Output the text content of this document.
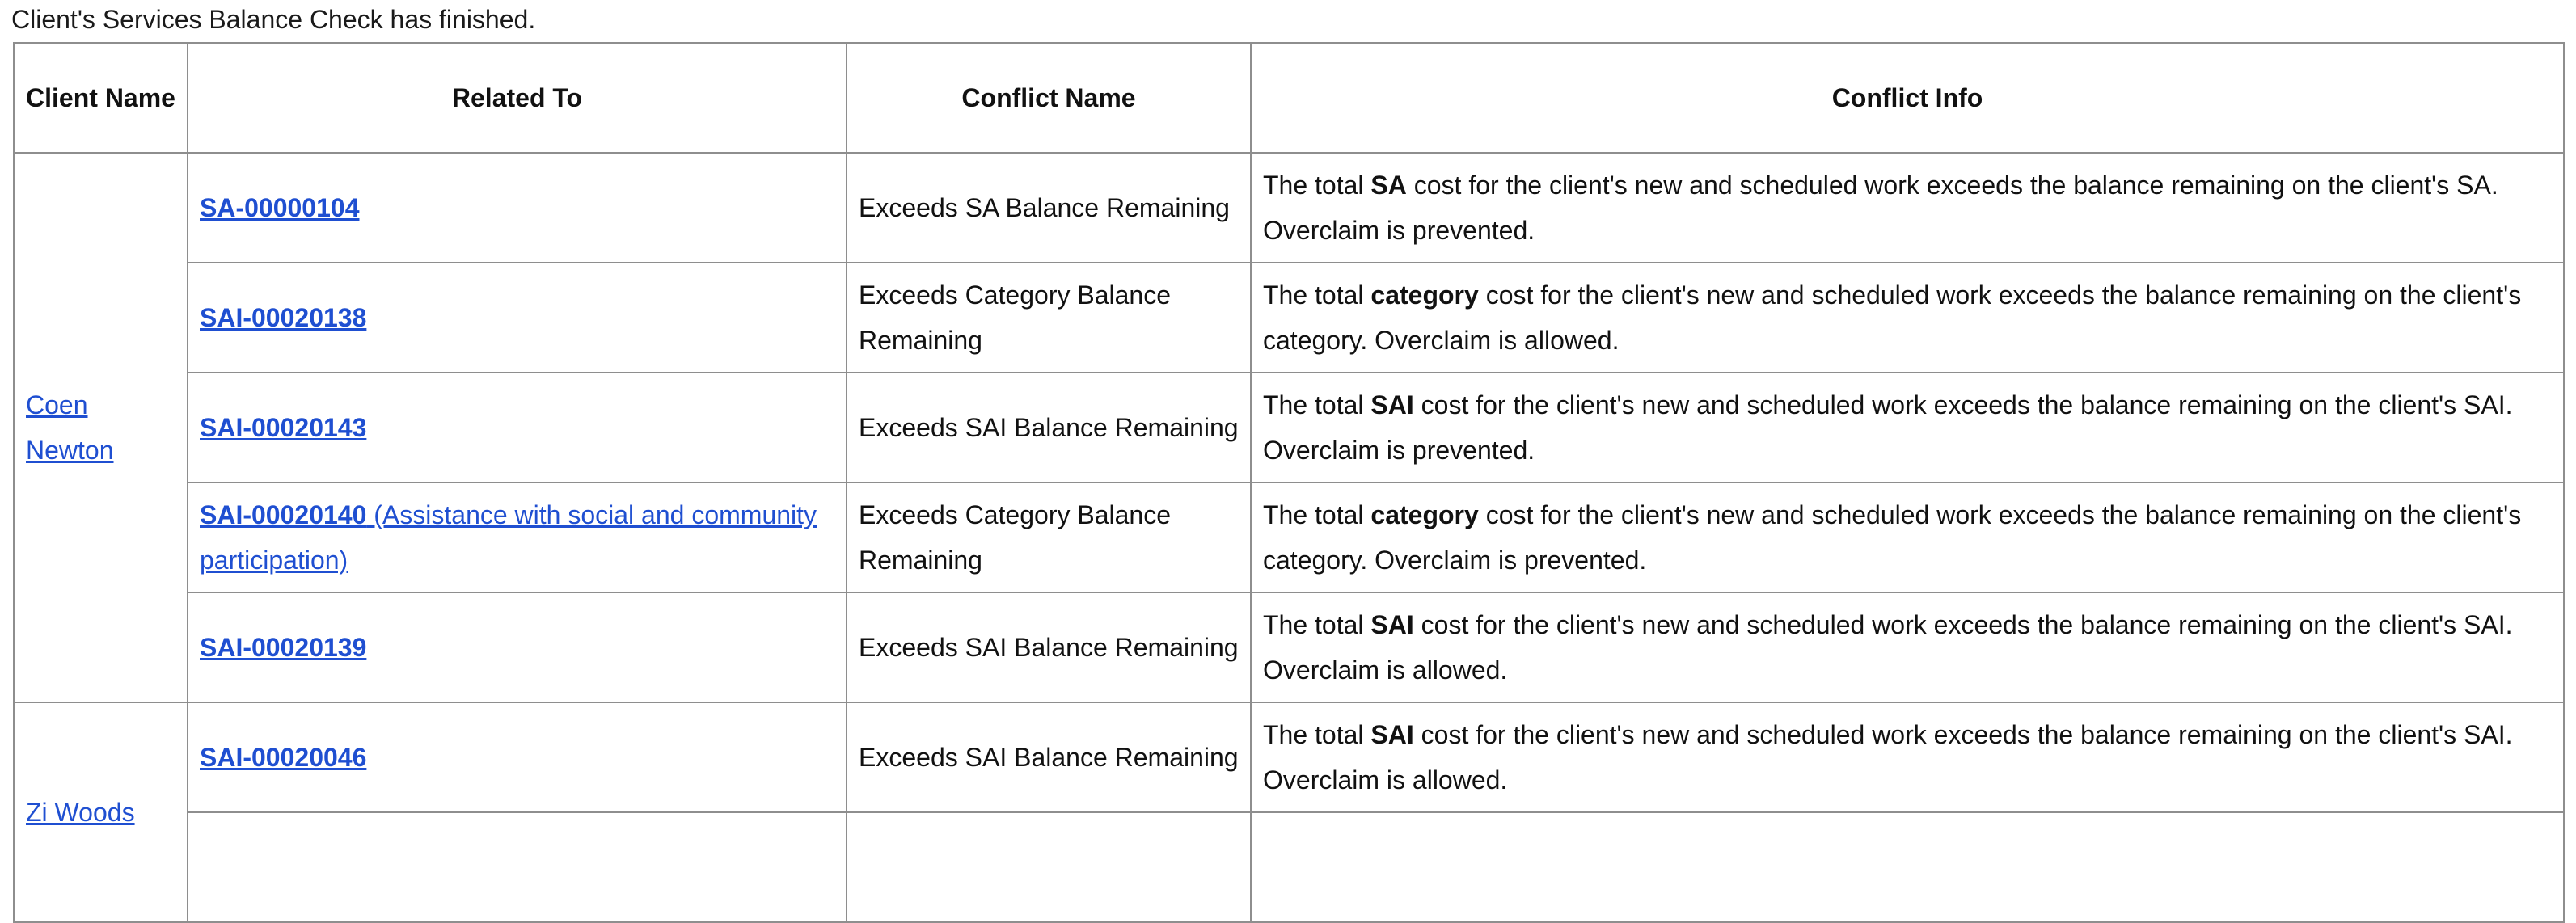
Client's Services Balance Check has finished.
Client Name	Related To	Conflict Name	Conflict Info
Coen Newton	SA-00000104	Exceeds SA Balance Remaining	The total SA cost for the client's new and scheduled work exceeds the balance remaining on the client's SA. Overclaim is prevented.
	SAI-00020138	Exceeds Category Balance Remaining	The total category cost for the client's new and scheduled work exceeds the balance remaining on the client's category. Overclaim is allowed.
	SAI-00020143	Exceeds SAI Balance Remaining	The total SAI cost for the client's new and scheduled work exceeds the balance remaining on the client's SAI. Overclaim is prevented.
	SAI-00020140 (Assistance with social and community participation)	Exceeds Category Balance Remaining	The total category cost for the client's new and scheduled work exceeds the balance remaining on the client's category. Overclaim is prevented.
	SAI-00020139	Exceeds SAI Balance Remaining	The total SAI cost for the client's new and scheduled work exceeds the balance remaining on the client's SAI. Overclaim is allowed.
Zi Woods	SAI-00020046	Exceeds SAI Balance Remaining	The total SAI cost for the client's new and scheduled work exceeds the balance remaining on the client's SAI. Overclaim is allowed.
